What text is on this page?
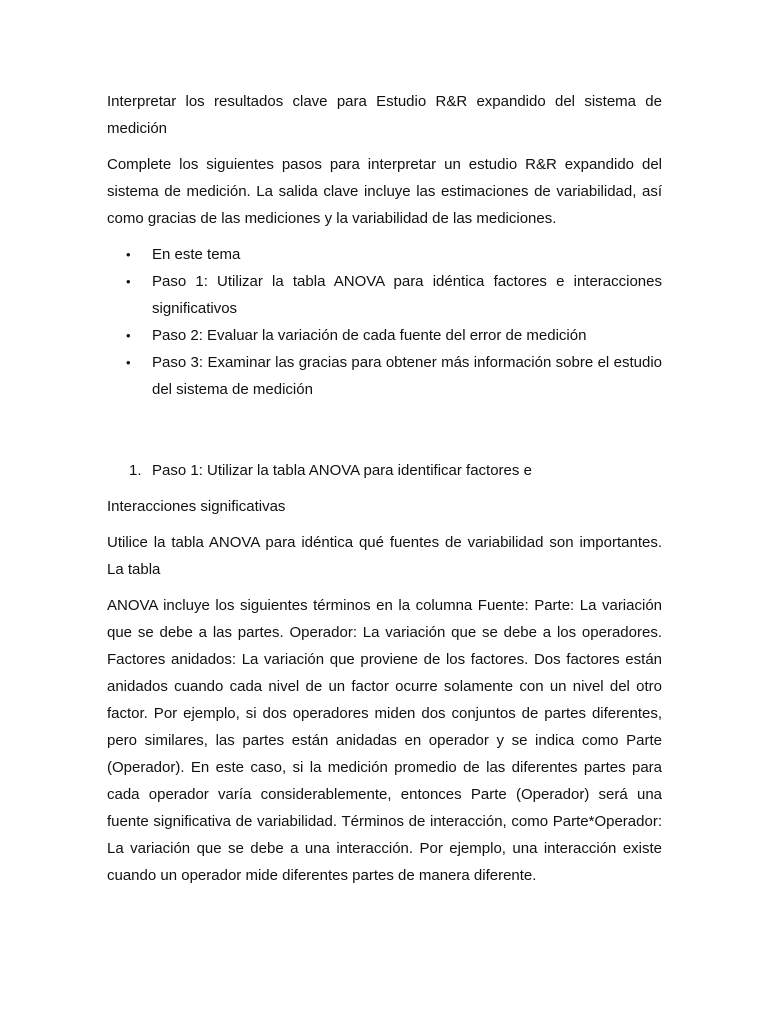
Interpretar los resultados clave para Estudio R&R expandido del sistema de medición

Complete los siguientes pasos para interpretar un estudio R&R expandido del sistema de medición. La salida clave incluye las estimaciones de variabilidad, así como gracias de las mediciones y la variabilidad de las mediciones.

• En este tema
• Paso 1: Utilizar la tabla ANOVA para idéntica factores e interacciones significativos
• Paso 2: Evaluar la variación de cada fuente del error de medición
• Paso 3: Examinar las gracias para obtener más información sobre el estudio del sistema de medición
1. Paso 1: Utilizar la tabla ANOVA para identificar factores e

Interacciones significativas

Utilice la tabla ANOVA para idéntica qué fuentes de variabilidad son importantes. La tabla

ANOVA incluye los siguientes términos en la columna Fuente: Parte: La variación que se debe a las partes. Operador: La variación que se debe a los operadores. Factores anidados: La variación que proviene de los factores. Dos factores están anidados cuando cada nivel de un factor ocurre solamente con un nivel del otro factor. Por ejemplo, si dos operadores miden dos conjuntos de partes diferentes, pero similares, las partes están anidadas en operador y se indica como Parte (Operador). En este caso, si la medición promedio de las diferentes partes para cada operador varía considerablemente, entonces Parte (Operador) será una fuente significativa de variabilidad. Términos de interacción, como Parte*Operador: La variación que se debe a una interacción. Por ejemplo, una interacción existe cuando un operador mide diferentes partes de manera diferente.
